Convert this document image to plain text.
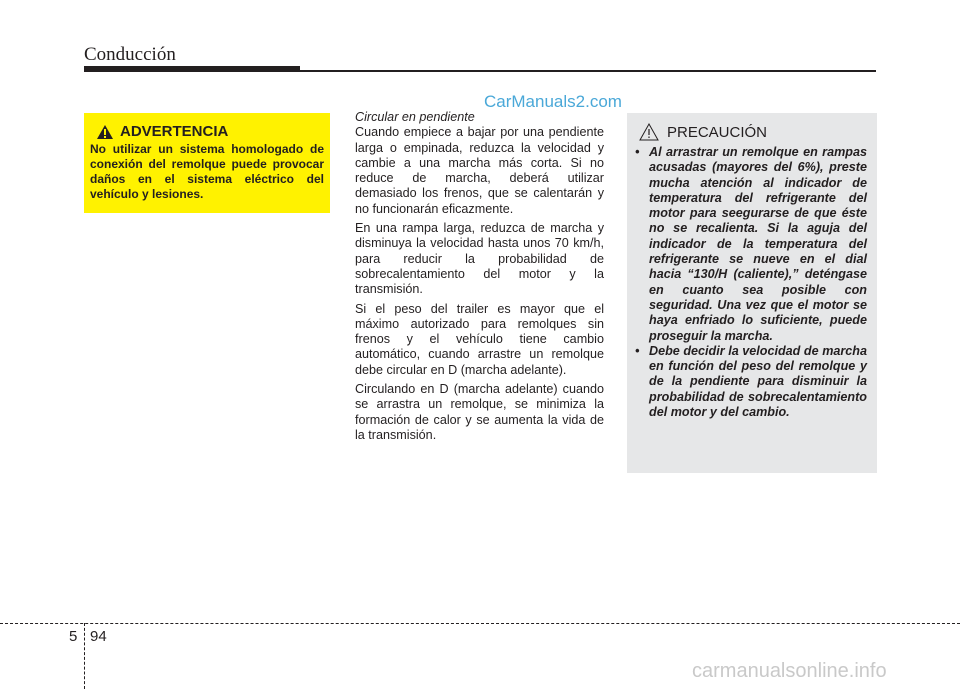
Conducción
CarManuals2.com
ADVERTENCIA
No utilizar un sistema homologado de conexión del remolque puede provocar daños en el sistema eléctrico del vehículo y lesiones.

Circular en pendiente

Cuando empiece a bajar por una pendiente larga o empinada, reduzca la velocidad y cambie a una marcha más corta. Si no reduce de marcha, deberá utilizar demasiado los frenos, que se calentarán y no funcionarán eficazmente.

En una rampa larga, reduzca de marcha y disminuya la velocidad hasta unos 70 km/h, para reducir la probabilidad de sobrecalentamiento del motor y la transmisión.

Si el peso del trailer es mayor que el máximo autorizado para remolques sin frenos y el vehículo tiene cambio automático, cuando arrastre un remolque debe circular en D (marcha adelante).

Circulando en D (marcha adelante) cuando se arrastra un remolque, se minimiza la formación de calor y se aumenta la vida de la transmisión.

PRECAUCIÓN
• Al arrastrar un remolque en rampas acusadas (mayores del 6%), preste mucha atención al indicador de temperatura del refrigerante del motor para seegurarse de que éste no se recalienta. Si la aguja del indicador de la temperatura del refrigerante se nueve en el dial hacia “130/H (caliente),” deténgase en cuanto sea posible con seguridad. Una vez que el motor se haya enfriado lo suficiente, puede proseguir la marcha.
• Debe decidir la velocidad de marcha en función del peso del remolque y de la pendiente para disminuir la probabilidad de sobrecalentamiento del motor y del cambio.
5 94
carmanualsonline.info
